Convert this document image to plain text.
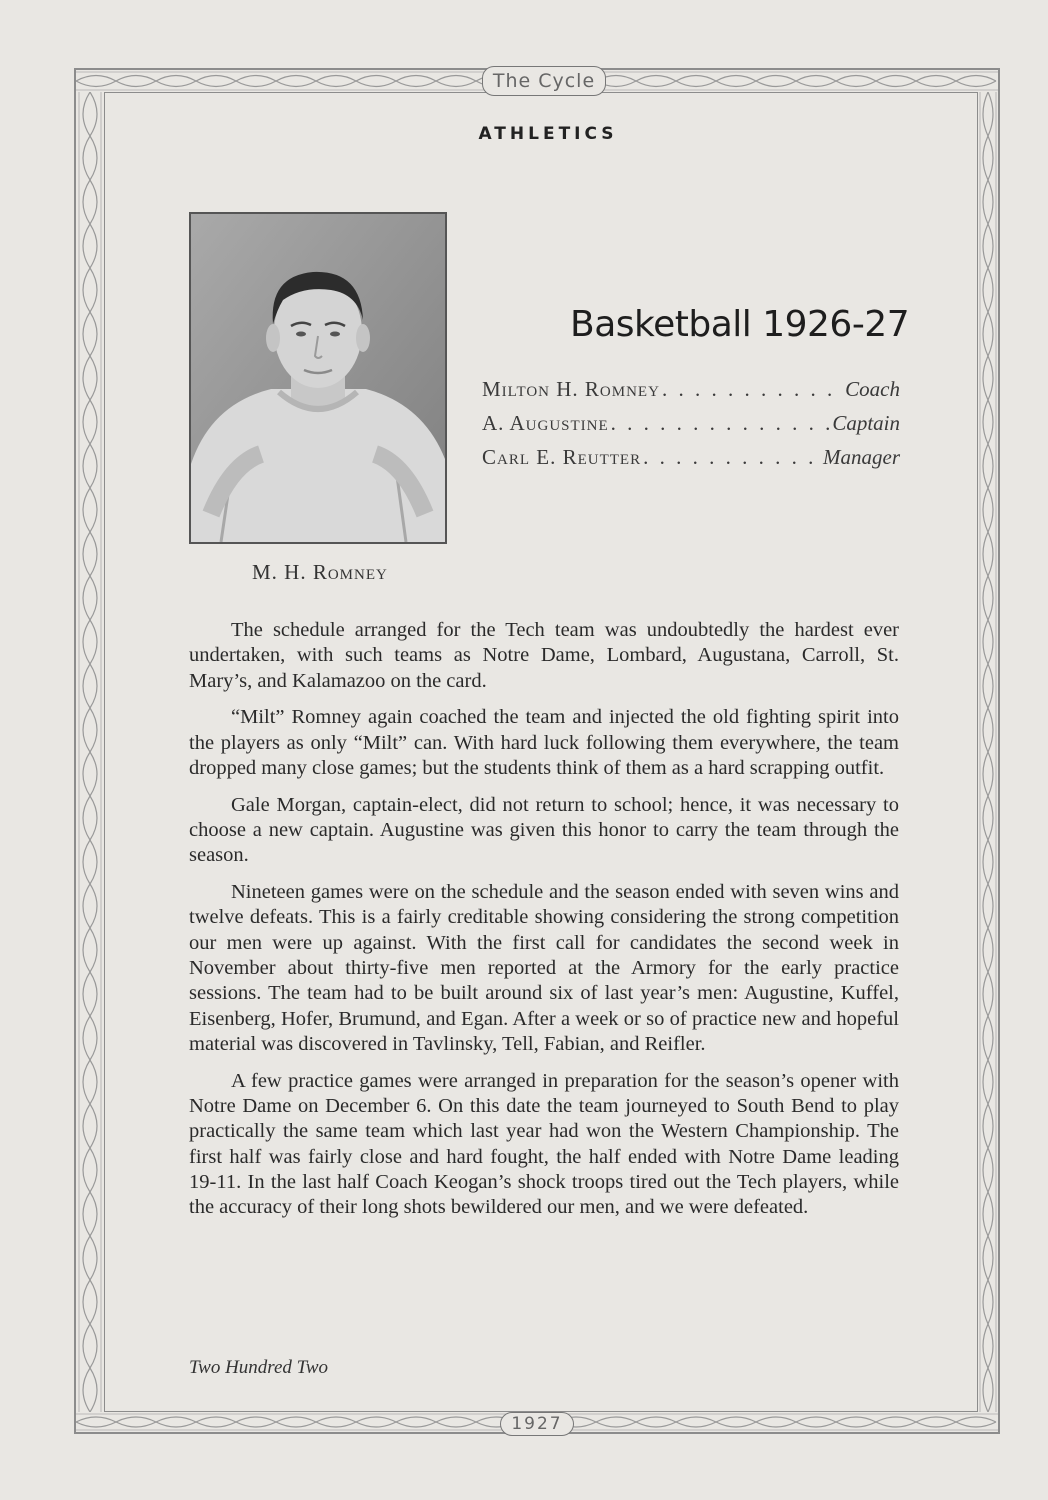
The Cycle
1927
ATHLETICS
M. H. Romney
Basketball 1926-27
Milton H. Romney . . .	Coach
A. Augustine . . .	Captain
Carl E. Reutter . . .	Manager

The schedule arranged for the Tech team was undoubtedly the hardest ever undertaken, with such teams as Notre Dame, Lombard, Augustana, Carroll, St. Mary’s, and Kalamazoo on the card.

“Milt” Romney again coached the team and injected the old fighting spirit into the players as only “Milt” can. With hard luck following them everywhere, the team dropped many close games; but the students think of them as a hard scrapping outfit.

Gale Morgan, captain-elect, did not return to school; hence, it was necessary to choose a new captain. Augustine was given this honor to carry the team through the season.

Nineteen games were on the schedule and the season ended with seven wins and twelve defeats. This is a fairly creditable showing considering the strong competition our men were up against. With the first call for candidates the second week in November about thirty-five men reported at the Armory for the early practice sessions. The team had to be built around six of last year’s men: Augustine, Kuffel, Eisenberg, Hofer, Brumund, and Egan. After a week or so of practice new and hopeful material was discovered in Tavlinsky, Tell, Fabian, and Reifler.

A few practice games were arranged in preparation for the season’s opener with Notre Dame on December 6. On this date the team journeyed to South Bend to play practically the same team which last year had won the Western Championship. The first half was fairly close and hard fought, the half ended with Notre Dame leading 19-11. In the last half Coach Keogan’s shock troops tired out the Tech players, while the accuracy of their long shots bewildered our men, and we were defeated.

Two Hundred Two
